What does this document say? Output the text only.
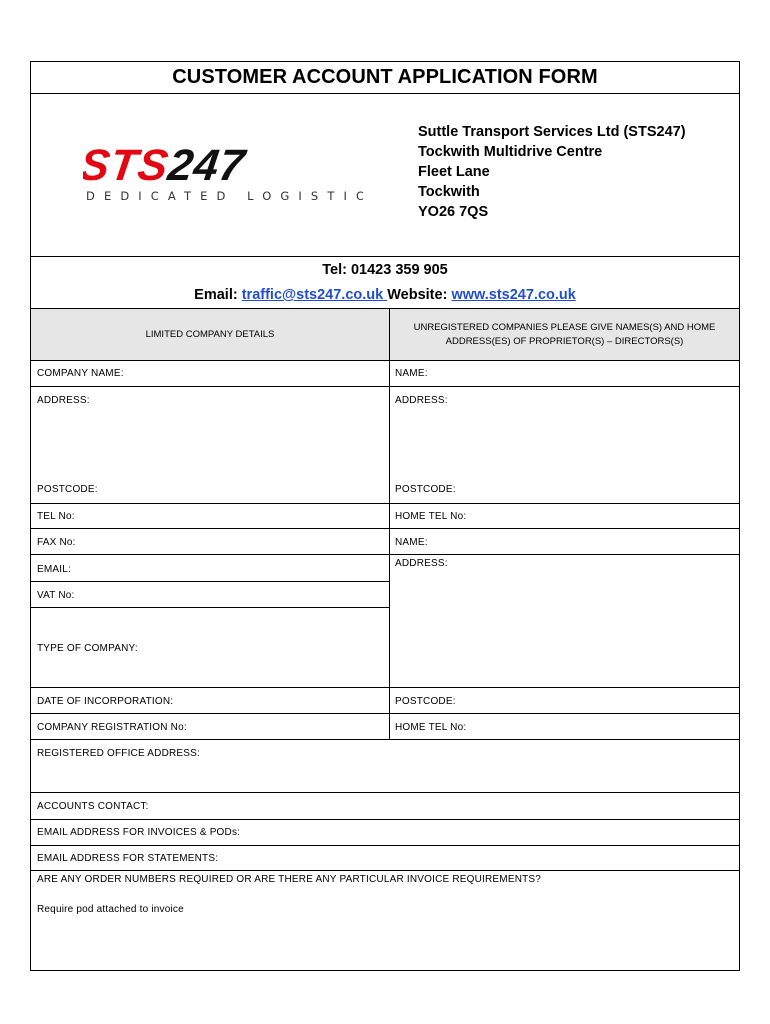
CUSTOMER ACCOUNT APPLICATION FORM
STS247
DEDICATED LOGISTICS
Suttle Transport Services Ltd (STS247)
Tockwith Multidrive Centre
Fleet Lane
Tockwith
YO26 7QS
Tel: 01423 359 905
Email: traffic@sts247.co.uk Website: www.sts247.co.uk
LIMITED COMPANY DETAILS
UNREGISTERED COMPANIES PLEASE GIVE NAMES(S) AND HOME ADDRESS(ES) OF PROPRIETOR(S) – DIRECTORS(S)
COMPANY NAME:
ADDRESS:
POSTCODE:
TEL No:
FAX No:
EMAIL:
VAT No:
TYPE OF COMPANY:
DATE OF INCORPORATION:
COMPANY REGISTRATION No:
NAME:
ADDRESS:
POSTCODE:
HOME TEL No:
NAME:
ADDRESS:
POSTCODE:
HOME TEL No:
REGISTERED OFFICE ADDRESS:
ACCOUNTS CONTACT:
EMAIL ADDRESS FOR INVOICES & PODs:
EMAIL ADDRESS FOR STATEMENTS:
ARE ANY ORDER NUMBERS REQUIRED OR ARE THERE ANY PARTICULAR INVOICE REQUIREMENTS?
Require pod attached to invoice
